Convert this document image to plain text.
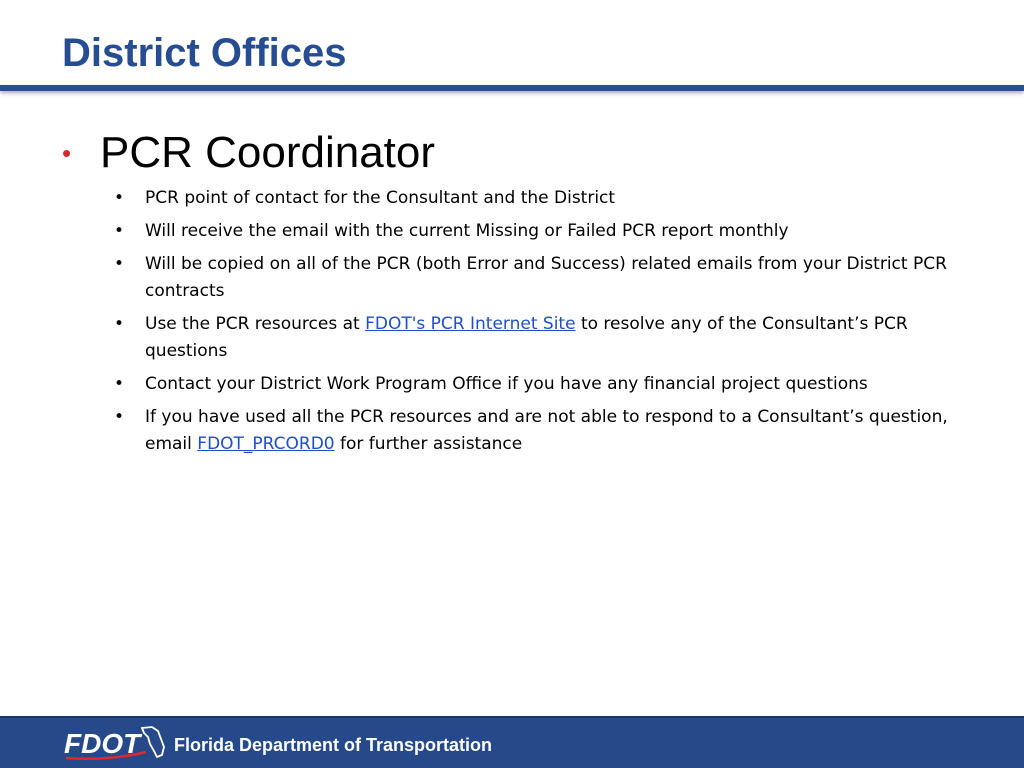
District Offices
• PCR Coordinator
• PCR point of contact for the Consultant and the District
• Will receive the email with the current Missing or Failed PCR report monthly
• Will be copied on all of the PCR (both Error and Success) related emails from your District PCR contracts
• Use the PCR resources at FDOT's PCR Internet Site to resolve any of the Consultant’s PCR questions
• Contact your District Work Program Office if you have any financial project questions
• If you have used all the PCR resources and are not able to respond to a Consultant’s question, email FDOT_PRCORD0 for further assistance
FDOT Florida Department of Transportation
